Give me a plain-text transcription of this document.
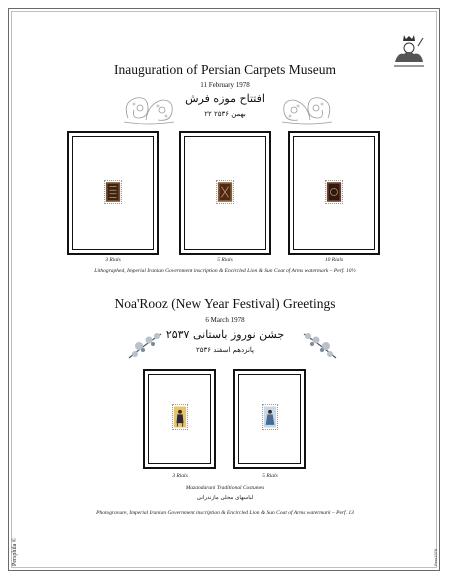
Inauguration of Persian Carpets Museum
11 February 1978
افتتاح موزه فرش
۲۲ بهمن ۲۵۳۶
3 Rials	5 Rials	10 Rials
Lithographed, Imperial Iranian Government inscription & Encircled Lion & Sun Coat of Arms watermark – Perf. 10½
Noa'Rooz (New Year Festival) Greetings
6 March 1978
جشن نوروز باستانی ۲۵۳۷
پانزدهم اسفند ۲۵۳۶
3 Rials	5 Rials
Mazandarani Traditional Costumes
لباسهای محلی مازندرانی
Photogravure, Imperial Iranian Government inscription & Encircled Lion & Sun Coat of Arms watermark – Perf. 13
Persphila ©	Pers1978
